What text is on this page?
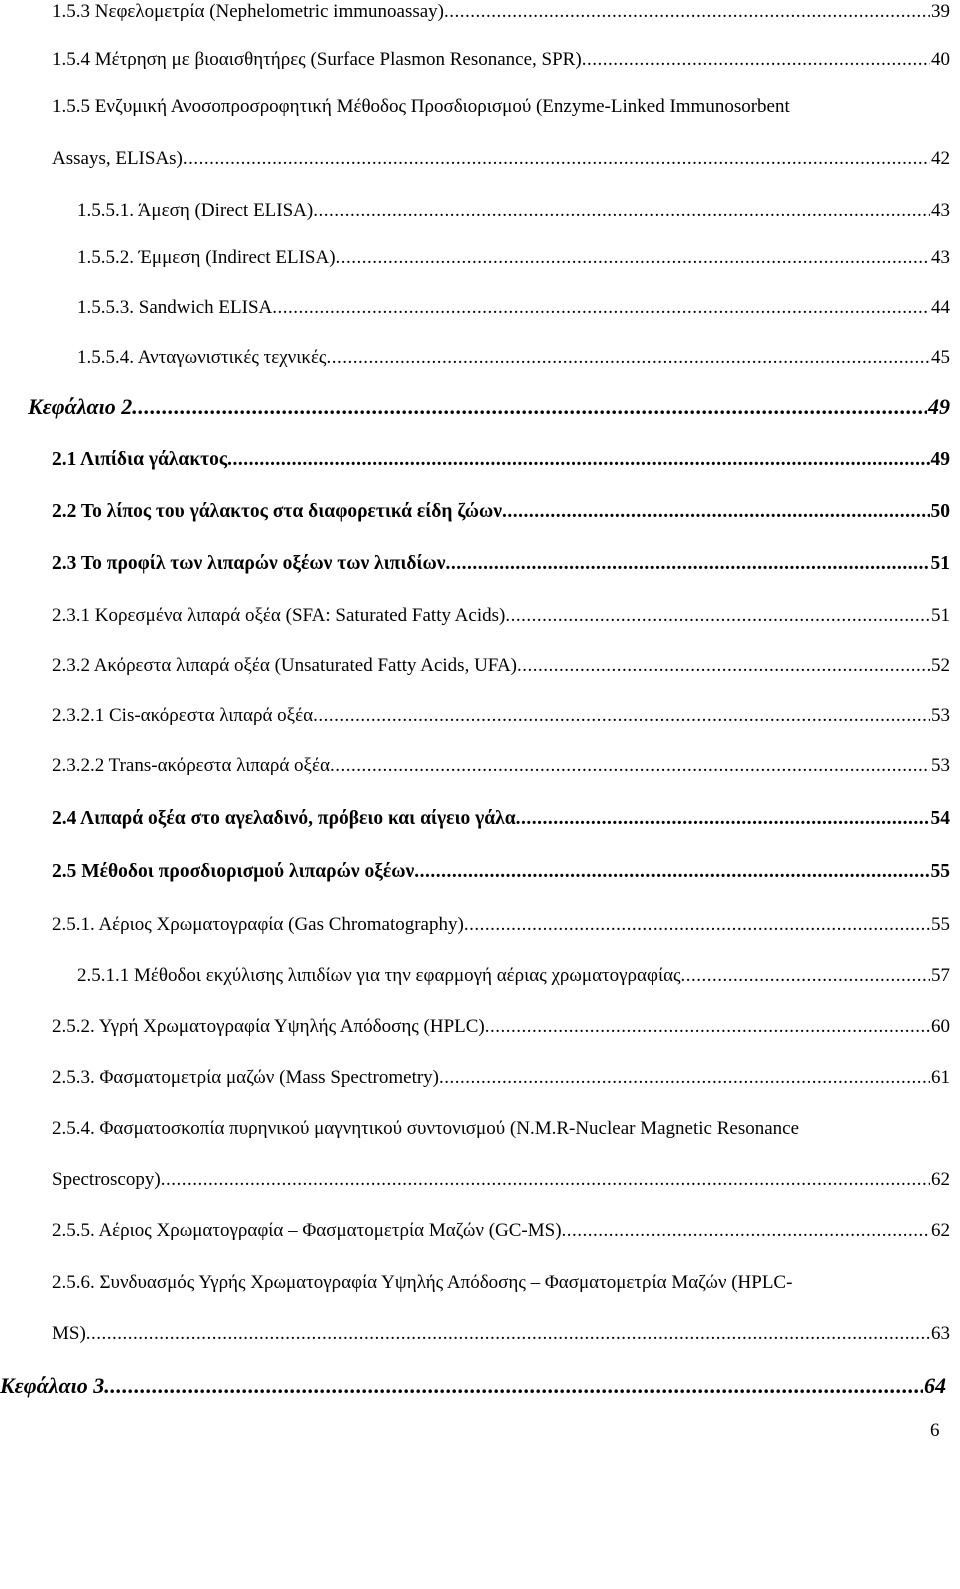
1.5.3 Νεφελομετρία (Nephelometric immunoassay) .....	39
1.5.4 Μέτρηση με βιοαισθητήρες (Surface Plasmon Resonance, SPR) .....	40
1.5.5 Ενζυμική Ανοσοπροσροφητική Μέθοδος Προσδιορισμού (Enzyme-Linked Immunosorbent
Assays, ELISAs) .....	42
1.5.5.1. Άμεση (Direct ELISA) .....	43
1.5.5.2. Έμμεση (Indirect ELISA) .....	43
1.5.5.3. Sandwich ELISA .....	44
1.5.5.4. Ανταγωνιστικές τεχνικές .....	45
Κεφάλαιο 2 .....	49
2.1 Λιπίδια γάλακτος .....	49
2.2 Το λίπος του γάλακτος στα διαφορετικά είδη ζώων .....	50
2.3 Το προφίλ των λιπαρών οξέων των λιπιδίων .....	51
2.3.1 Κορεσμένα λιπαρά οξέα (SFA: Saturated Fatty Acids) .....	51
2.3.2 Ακόρεστα λιπαρά οξέα (Unsaturated Fatty Acids, UFA) .....	52
2.3.2.1 Cis-ακόρεστα λιπαρά οξέα .....	53
2.3.2.2 Trans-ακόρεστα λιπαρά οξέα .....	53
2.4 Λιπαρά οξέα στο αγελαδινό, πρόβειο και αίγειο γάλα .....	54
2.5 Μέθοδοι προσδιορισμού λιπαρών οξέων .....	55
2.5.1. Αέριος Χρωματογραφία (Gas Chromatography) .....	55
2.5.1.1 Μέθοδοι εκχύλισης λιπιδίων για την εφαρμογή αέριας χρωματογραφίας .....	57
2.5.2. Υγρή Χρωματογραφία Υψηλής Απόδοσης (HPLC) .....	60
2.5.3. Φασματομετρία μαζών (Mass Spectrometry) .....	61
2.5.4. Φασματοσκοπία πυρηνικού μαγνητικού συντονισμού (N.M.R-Nuclear Magnetic Resonance
Spectroscopy) .....	62
2.5.5. Αέριος Χρωματογραφία – Φασματομετρία Μαζών (GC-MS) .....	62
2.5.6. Συνδυασμός Υγρής Χρωματογραφία Υψηλής Απόδοσης – Φασματομετρία Μαζών (HPLC-
MS) .....	63
Κεφάλαιο 3 .....	64
6
